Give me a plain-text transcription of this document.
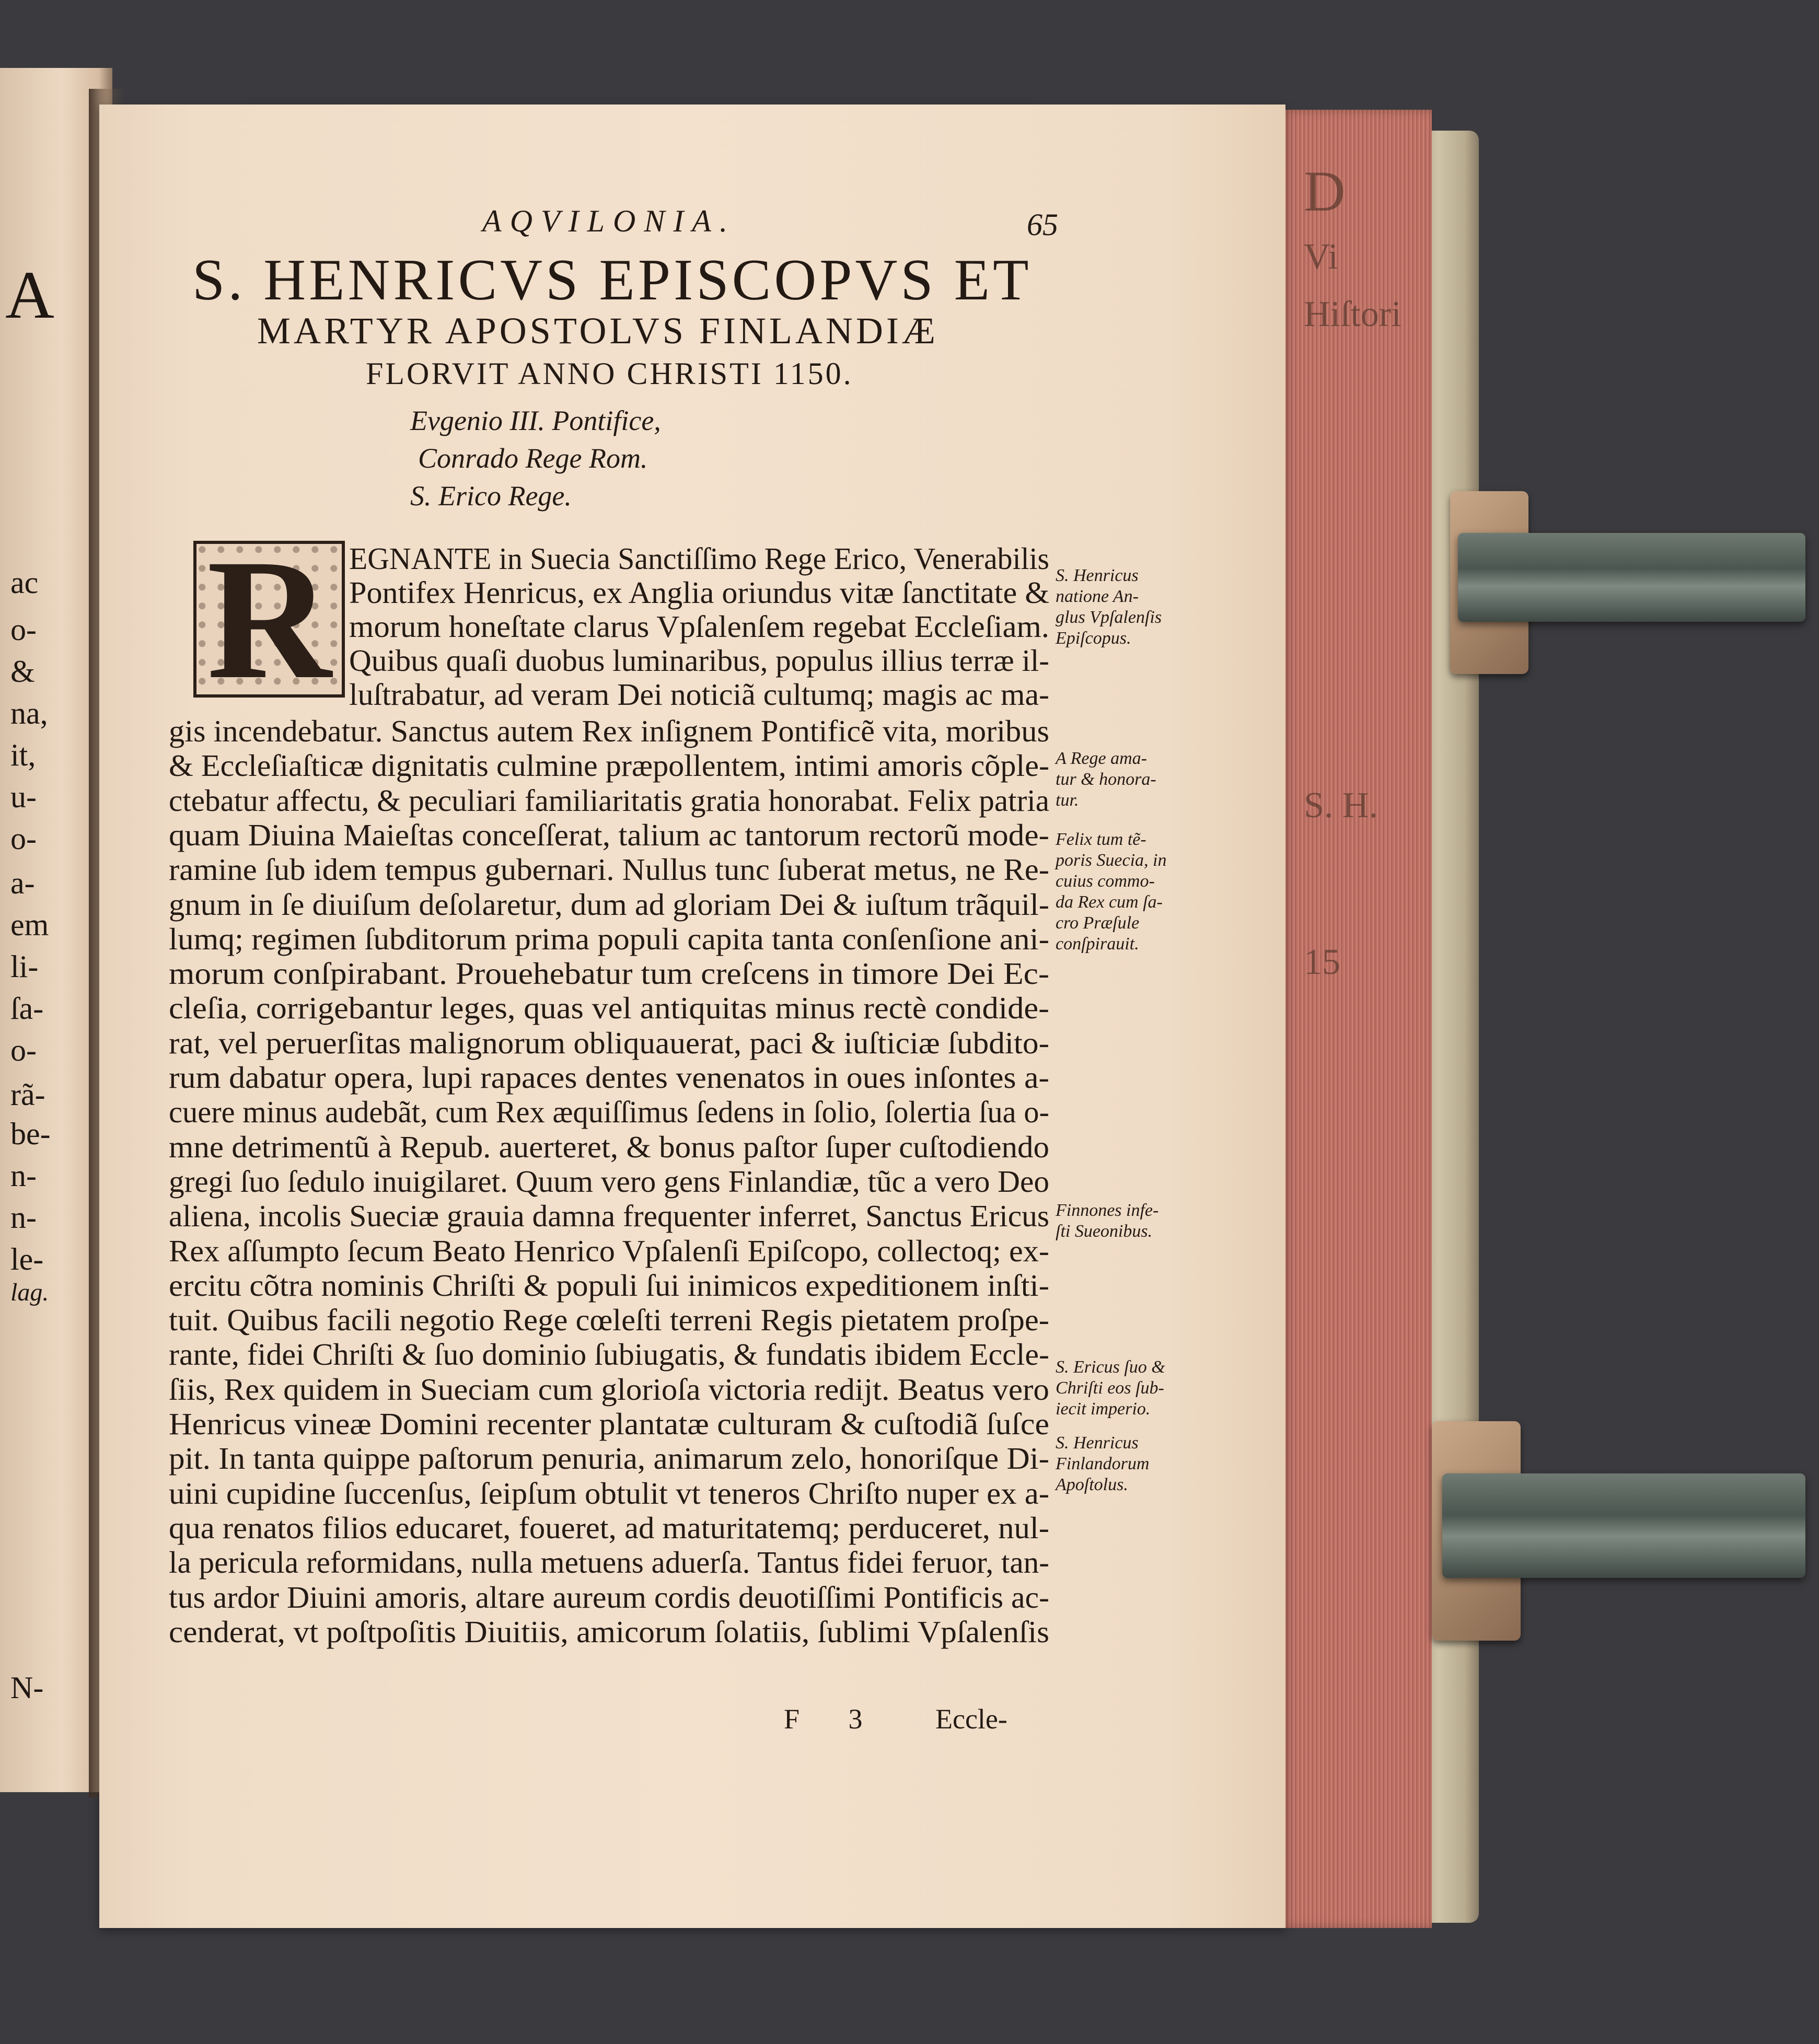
A
ac
o-
&
na,
it,
u-
o-
a-
em
li-
ſa-
o-
rã-
be-
n-
n-
le-
lag.
N-
D
Vi
Hiſtori
S. H.
15
AQVILONIA.	65
S. HENRICVS EPISCOPVS ET
MARTYR APOSTOLVS FINLANDIÆ
FLORVIT ANNO CHRISTI 1150.
Evgenio III. Pontifice,
Conrado Rege Rom.
S. Erico Rege.
R EGNANTE in Suecia Sanctiſſimo Rege Erico, Venerabilis
Pontifex Henricus, ex Anglia oriundus vitæ ſanctitate &
morum honeſtate clarus Vpſalenſem regebat Eccleſiam.
Quibus quaſi duobus luminaribus, populus illius terræ il-
luſtrabatur, ad veram Dei noticiã cultumq; magis ac ma-
gis incendebatur. Sanctus autem Rex inſignem Pontificẽ vita, moribus
& Eccleſiaſticæ dignitatis culmine præpollentem, intimi amoris cõple-
ctebatur affectu, & peculiari familiaritatis gratia honorabat. Felix patria
quam Diuina Maieſtas conceſſerat, talium ac tantorum rectorũ mode-
ramine ſub idem tempus gubernari. Nullus tunc ſuberat metus, ne Re-
gnum in ſe diuiſum deſolaretur, dum ad gloriam Dei & iuſtum trãquil-
lumq; regimen ſubditorum prima populi capita tanta conſenſione ani-
morum conſpirabant. Prouehebatur tum creſcens in timore Dei Ec-
cleſia, corrigebantur leges, quas vel antiquitas minus rectè condide-
rat, vel peruerſitas malignorum obliquauerat, paci & iuſticiæ ſubdito-
rum dabatur opera, lupi rapaces dentes venenatos in oues inſontes a-
cuere minus audebãt, cum Rex æquiſſimus ſedens in ſolio, ſolertia ſua o-
mne detrimentũ à Repub. auerteret, & bonus paſtor ſuper cuſtodiendo
gregi ſuo ſedulo inuigilaret. Quum vero gens Finlandiæ, tũc a vero Deo
aliena, incolis Sueciæ grauia damna frequenter inferret, Sanctus Ericus
Rex aſſumpto ſecum Beato Henrico Vpſalenſi Epiſcopo, collectoq; ex-
ercitu cõtra nominis Chriſti & populi ſui inimicos expeditionem inſti-
tuit. Quibus facili negotio Rege cœleſti terreni Regis pietatem proſpe-
rante, fidei Chriſti & ſuo dominio ſubiugatis, & fundatis ibidem Eccle-
ſiis, Rex quidem in Sueciam cum glorioſa victoria redijt. Beatus vero
Henricus vineæ Domini recenter plantatæ culturam & cuſtodiã ſuſce
pit. In tanta quippe paſtorum penuria, animarum zelo, honoriſque Di-
uini cupidine ſuccenſus, ſeipſum obtulit vt teneros Chriſto nuper ex a-
qua renatos filios educaret, foueret, ad maturitatemq; perduceret, nul-
la pericula reformidans, nulla metuens aduerſa. Tantus fidei feruor, tan-
tus ardor Diuini amoris, altare aureum cordis deuotiſſimi Pontificis ac-
cenderat, vt poſtpoſitis Diuitiis, amicorum ſolatiis, ſublimi Vpſalenſis
S. Henricus
natione An-
glus Vpſalenſis
Epiſcopus.
A Rege ama-
tur & honora-
tur.
Felix tum tẽ-
poris Suecia, in
cuius commo-
da Rex cum ſa-
cro Præſule
conſpirauit.
Finnones infe-
ſti Sueonibus.
S. Ericus ſuo &
Chriſti eos ſub-
iecit imperio.
S. Henricus
Finlandorum
Apoſtolus.
F 3 Eccle-
